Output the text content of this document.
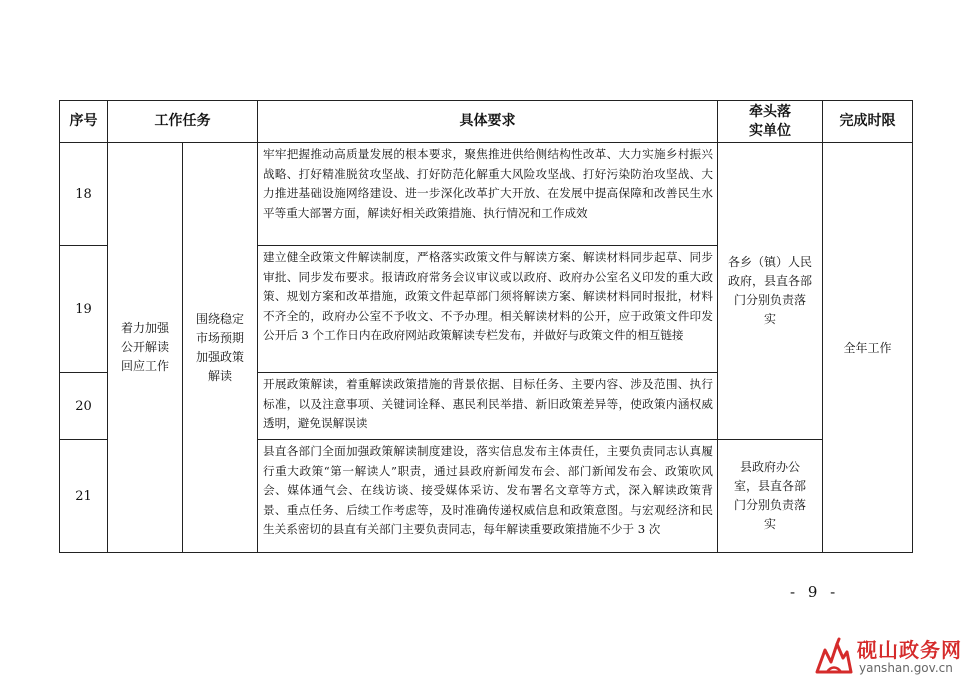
序号	工作任务		具体要求	牵头落
实单位	完成时限
18	着力加强
公开解读
回应工作	围绕稳定
市场预期
加强政策
解读	牢牢把握推动高质量发展的根本要求，聚焦推进供给侧结构性改革、大力实施乡村振兴战略、打好精准脱贫攻坚战、打好防范化解重大风险攻坚战、打好污染防治攻坚战、大力推进基础设施网络建设、进一步深化改革扩大开放、在发展中提高保障和改善民生水平等重大部署方面，解读好相关政策措施、执行情况和工作成效	各乡（镇）人民
政府，县直各部
门分别负责落
实	全年工作
19			建立健全政策文件解读制度，严格落实政策文件与解读方案、解读材料同步起草、同步审批、同步发布要求。报请政府常务会议审议或以政府、政府办公室名义印发的重大政策、规划方案和改革措施，政策文件起草部门须将解读方案、解读材料同时报批，材料不齐全的，政府办公室不予收文、不予办理。相关解读材料的公开，应于政策文件印发公开后 3 个工作日内在政府网站政策解读专栏发布，并做好与政策文件的相互链接		
20			开展政策解读，着重解读政策措施的背景依据、目标任务、主要内容、涉及范围、执行标准，以及注意事项、关键词诠释、惠民利民举措、新旧政策差异等，使政策内涵权威透明，避免误解误读		
21			县直各部门全面加强政策解读制度建设，落实信息发布主体责任，主要负责同志认真履行重大政策“第一解读人”职责，通过县政府新闻发布会、部门新闻发布会、政策吹风会、媒体通气会、在线访谈、接受媒体采访、发布署名文章等方式，深入解读政策背景、重点任务、后续工作考虑等，及时准确传递权威信息和政策意图。与宏观经济和民生关系密切的县直有关部门主要负责同志，每年解读重要政策措施不少于 3 次	县政府办公
室，县直各部
门分别负责落
实	
- 9 -
砚山政务网
yanshan.gov.cn
